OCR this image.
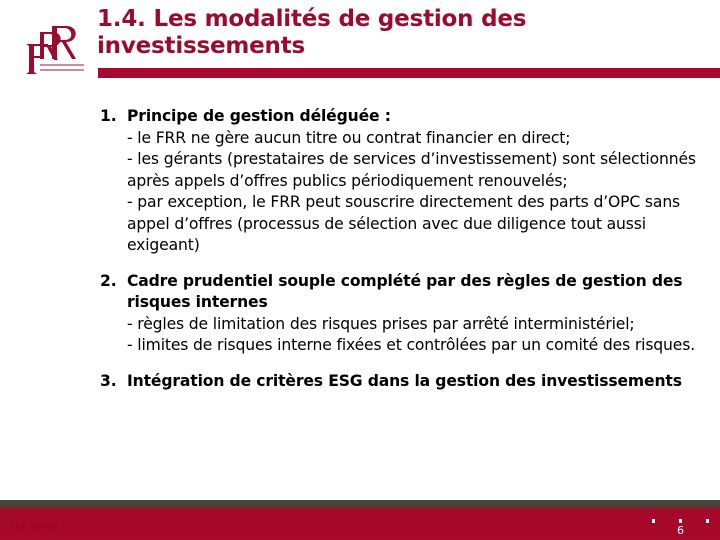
1.4. Les modalités de gestion des investissements
1. Principe de gestion déléguée :
- le FRR ne gère aucun titre ou contrat financier en direct;
- les gérants (prestataires de services d’investissement) sont sélectionnés après appels d’offres publics périodiquement renouvelés;
- par exception, le FRR peut souscrire directement des parts d’OPC sans appel d’offres (processus de sélection avec due diligence tout aussi exigeant)
2. Cadre prudentiel souple complété par des règles de gestion des risques internes
- règles de limitation des risques prises par arrêté interministériel;
- limites de risques interne fixées et contrôlées par un comité des risques.
3. Intégration de critères ESG dans la gestion des investissements
CDC Interne	6
